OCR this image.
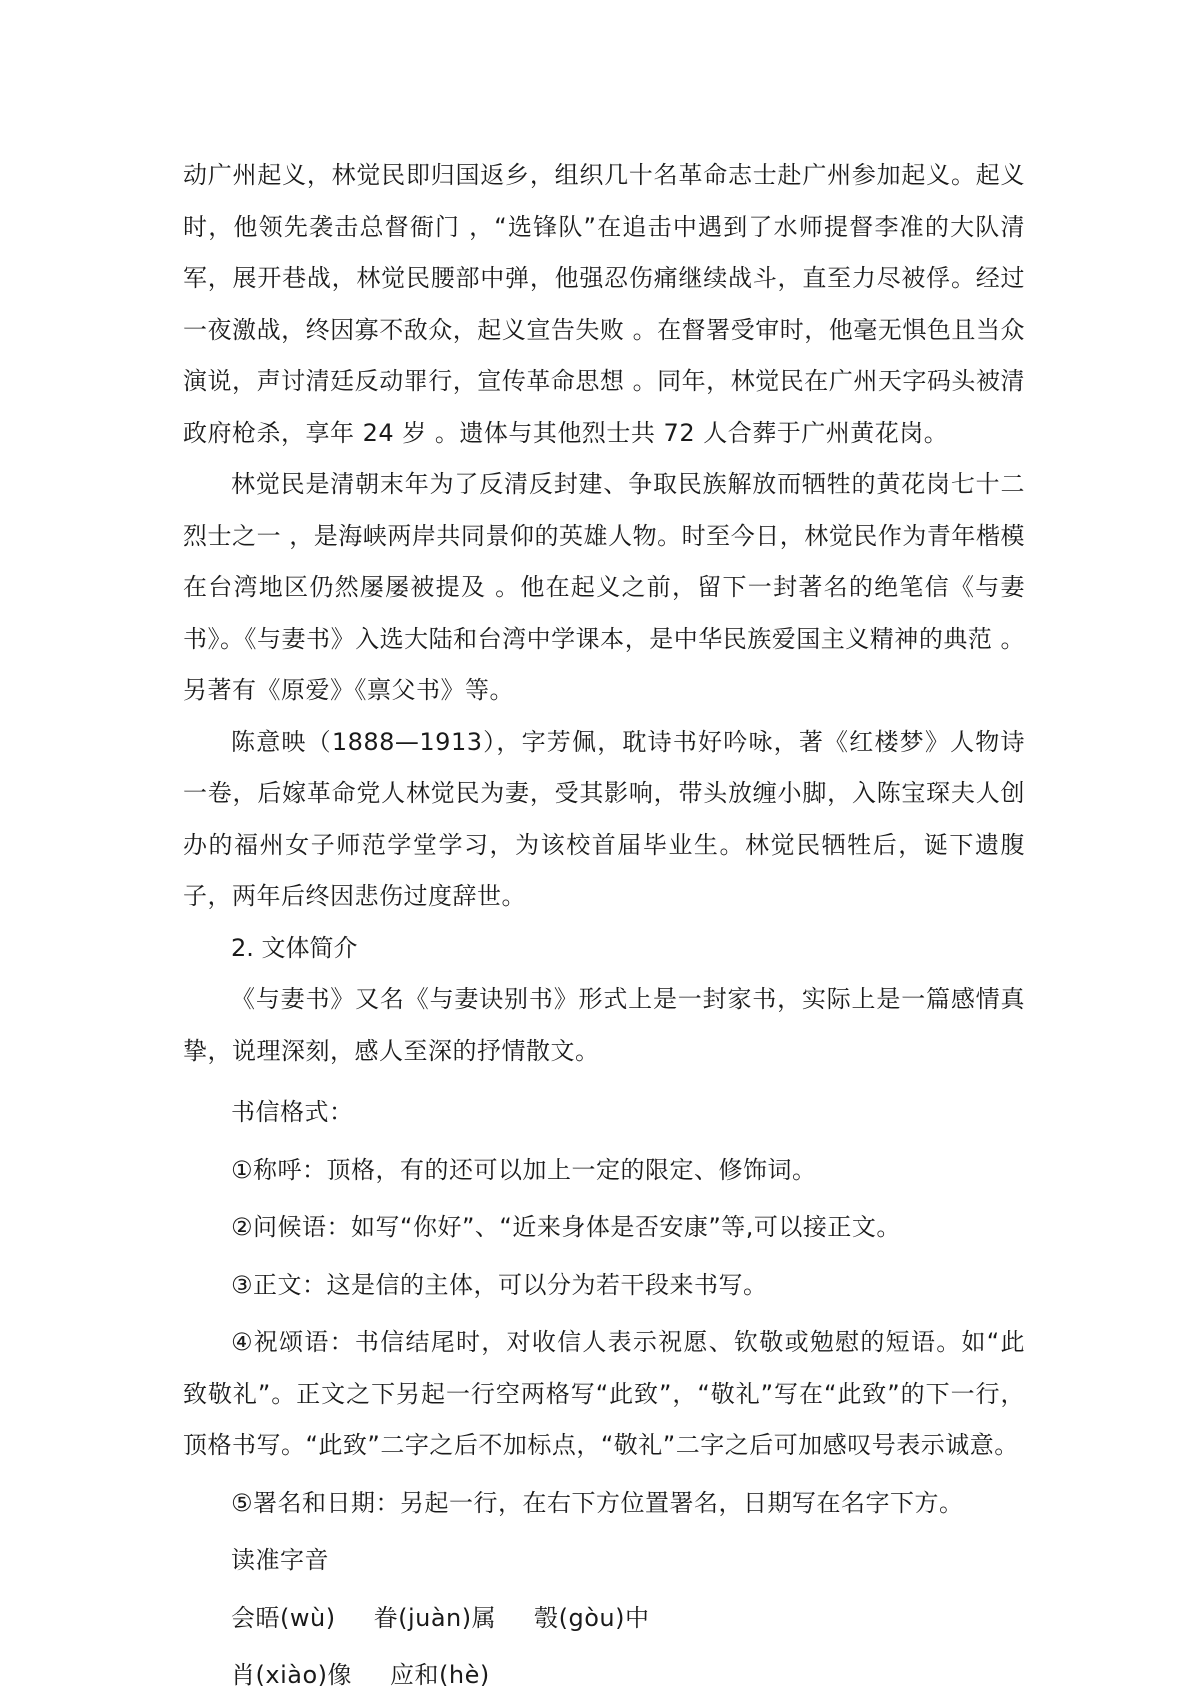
动广州起义，林觉民即归国返乡，组织几十名革命志士赴广州参加起义。起义时，他领先袭击总督衙门 ，“选锋队”在追击中遇到了水师提督李准的大队清军，展开巷战，林觉民腰部中弹，他强忍伤痛继续战斗，直至力尽被俘。经过一夜激战，终因寡不敌众，起义宣告失败 。在督署受审时，他毫无惧色且当众演说，声讨清廷反动罪行，宣传革命思想 。同年，林觉民在广州天字码头被清政府枪杀，享年 24 岁 。遗体与其他烈士共 72 人合葬于广州黄花岗。

林觉民是清朝末年为了反清反封建、争取民族解放而牺牲的黄花岗七十二烈士之一 ，是海峡两岸共同景仰的英雄人物。时至今日，林觉民作为青年楷模在台湾地区仍然屡屡被提及 。他在起义之前，留下一封著名的绝笔信《与妻书》。《与妻书》入选大陆和台湾中学课本，是中华民族爱国主义精神的典范 。另著有《原爱》《禀父书》等。

陈意映（1888—1913），字芳佩，耽诗书好吟咏，著《红楼梦》人物诗一卷，后嫁革命党人林觉民为妻，受其影响，带头放缠小脚，入陈宝琛夫人创办的福州女子师范学堂学习，为该校首届毕业生。林觉民牺牲后，诞下遗腹子，两年后终因悲伤过度辞世。

2. 文体简介

《与妻书》又名《与妻诀别书》形式上是一封家书，实际上是一篇感情真挚，说理深刻，感人至深的抒情散文。

书信格式：

①称呼：顶格，有的还可以加上一定的限定、修饰词。

②问候语：如写“你好”、“近来身体是否安康”等,可以接正文。

③正文：这是信的主体，可以分为若干段来书写。

④祝颂语：书信结尾时，对收信人表示祝愿、钦敬或勉慰的短语。如“此致敬礼”。正文之下另起一行空两格写“此致”，“敬礼”写在“此致”的下一行，顶格书写。“此致”二字之后不加标点，“敬礼”二字之后可加感叹号表示诚意。

⑤署名和日期：另起一行，在右下方位置署名，日期写在名字下方。

读准字音

会晤(wù) 眷(juàn)属 彀(gòu)中

肖(xiào)像 应和(hè)
